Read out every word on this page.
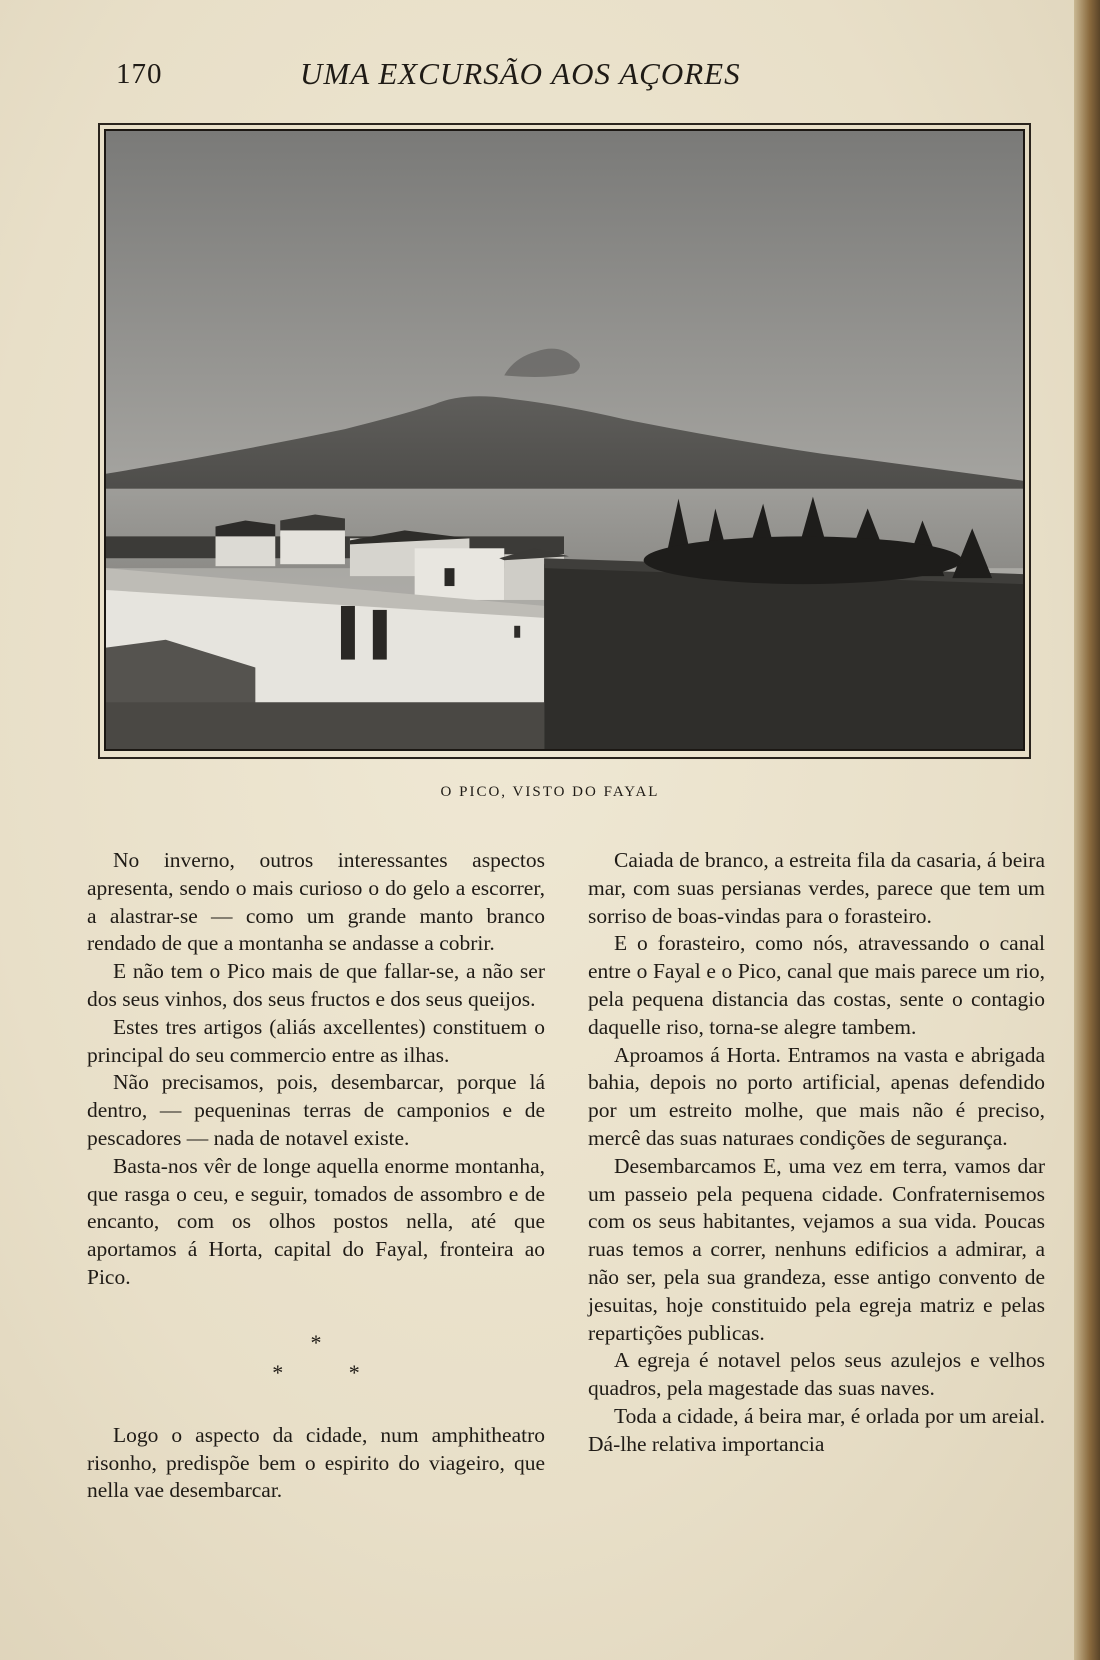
170	UMA EXCURSÃO AOS AÇORES
O PICO, VISTO DO FAYAL

No inverno, outros interessantes aspectos apresenta, sendo o mais curioso o do gelo a escorrer, a alastrar-se — como um grande manto branco rendado de que a montanha se andasse a cobrir.

E não tem o Pico mais de que fallar-se, a não ser dos seus vinhos, dos seus fructos e dos seus queijos.

Estes tres artigos (aliás axcellentes) constituem o principal do seu commercio entre as ilhas.

Não precisamos, pois, desembarcar, porque lá dentro, — pequeninas terras de camponios e de pescadores — nada de notavel existe.

Basta-nos vêr de longe aquella enorme montanha, que rasga o ceu, e seguir, tomados de assombro e de encanto, com os olhos postos nella, até que aportamos á Horta, capital do Fayal, fronteira ao Pico.

*
* *

Logo o aspecto da cidade, num amphitheatro risonho, predispõe bem o espirito do viageiro, que nella vae desembarcar.

Caiada de branco, a estreita fila da casaria, á beira mar, com suas persianas verdes, parece que tem um sorriso de boas-vindas para o forasteiro.

E o forasteiro, como nós, atravessando o canal entre o Fayal e o Pico, canal que mais parece um rio, pela pequena distancia das costas, sente o contagio daquelle riso, torna-se alegre tambem.

Aproamos á Horta. Entramos na vasta e abrigada bahia, depois no porto artificial, apenas defendido por um estreito molhe, que mais não é preciso, mercê das suas naturaes condições de segurança.

Desembarcamos E, uma vez em terra, vamos dar um passeio pela pequena cidade. Confraternisemos com os seus habitantes, vejamos a sua vida. Poucas ruas temos a correr, nenhuns edificios a admirar, a não ser, pela sua grandeza, esse antigo convento de jesuitas, hoje constituido pela egreja matriz e pelas repartições publicas.

A egreja é notavel pelos seus azulejos e velhos quadros, pela magestade das suas naves.

Toda a cidade, á beira mar, é orlada por um areial. Dá-lhe relativa importancia
